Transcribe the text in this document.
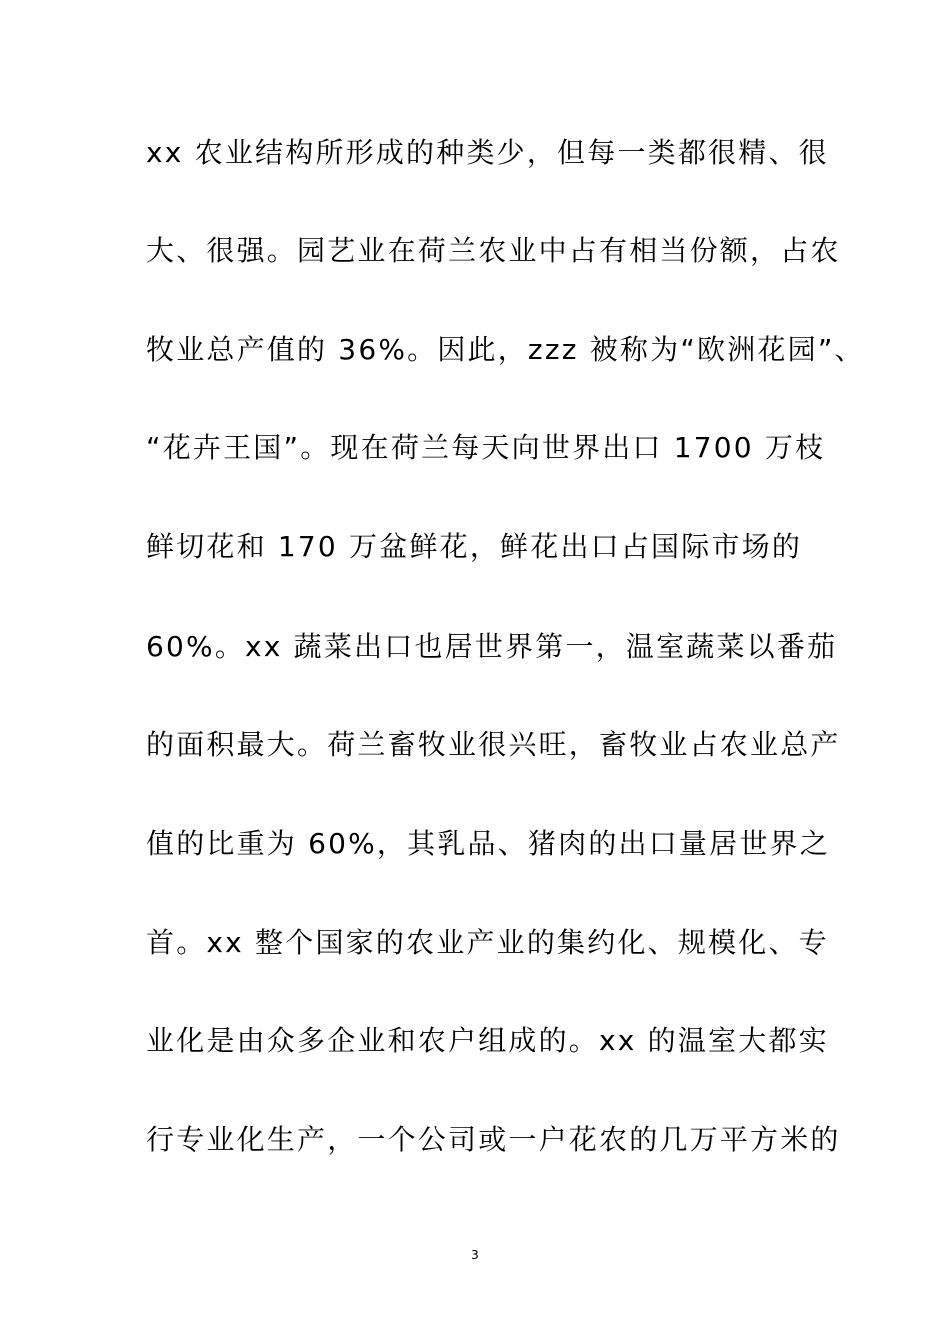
xx 农业结构所形成的种类少，但每一类都很精、很
大、很强。园艺业在荷兰农业中占有相当份额，占农
牧业总产值的 36%。因此，zzz 被称为“欧洲花园”、
“花卉王国”。现在荷兰每天向世界出口 1700 万枝
鲜切花和 170 万盆鲜花，鲜花出口占国际市场的
60%。xx 蔬菜出口也居世界第一，温室蔬菜以番茄
的面积最大。荷兰畜牧业很兴旺，畜牧业占农业总产
值的比重为 60%，其乳品、猪肉的出口量居世界之
首。xx 整个国家的农业产业的集约化、规模化、专
业化是由众多企业和农户组成的。xx 的温室大都实
行专业化生产，一个公司或一户花农的几万平方米的
3
